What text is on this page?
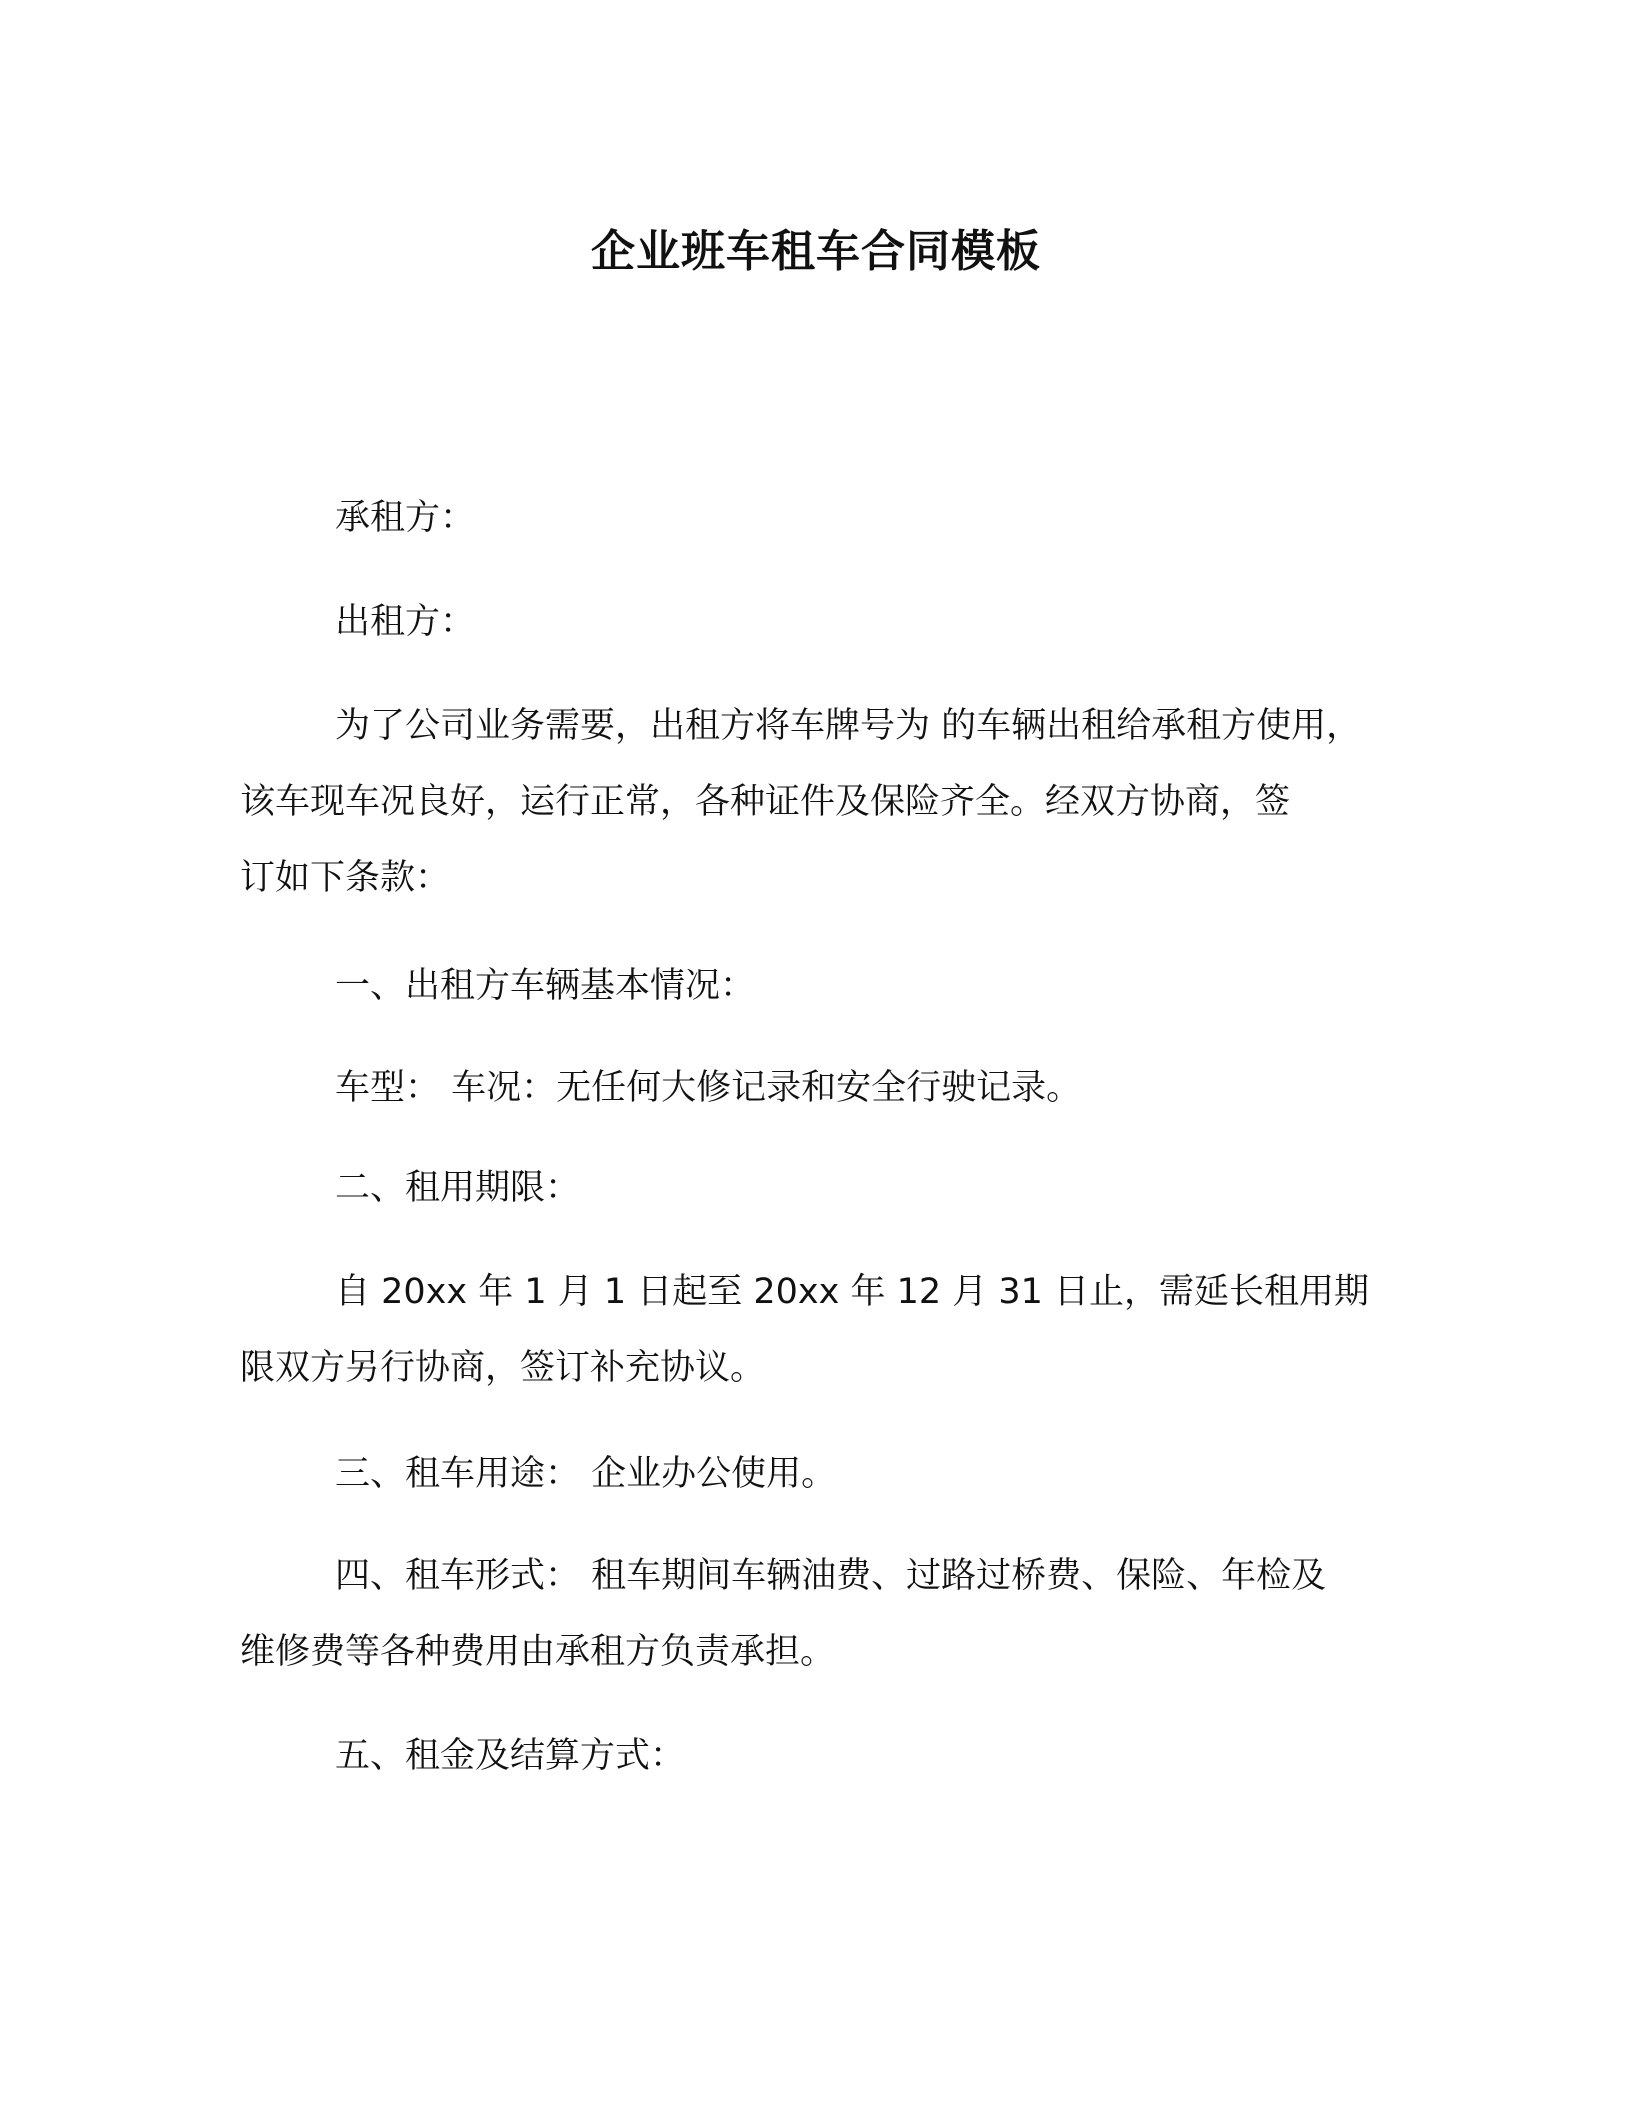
企业班车租车合同模板

承租方：

出租方：

为了公司业务需要，出租方将车牌号为 的车辆出租给承租方使用，
该车现车况良好，运行正常，各种证件及保险齐全。经双方协商，签
订如下条款：

一、出租方车辆基本情况：

车型： 车况：无任何大修记录和安全行驶记录。

二、租用期限：

自 20xx 年 1 月 1 日起至 20xx 年 12 月 31 日止，需延长租用期
限双方另行协商，签订补充协议。

三、租车用途： 企业办公使用。

四、租车形式： 租车期间车辆油费、过路过桥费、保险、年检及
维修费等各种费用由承租方负责承担。

五、租金及结算方式：
